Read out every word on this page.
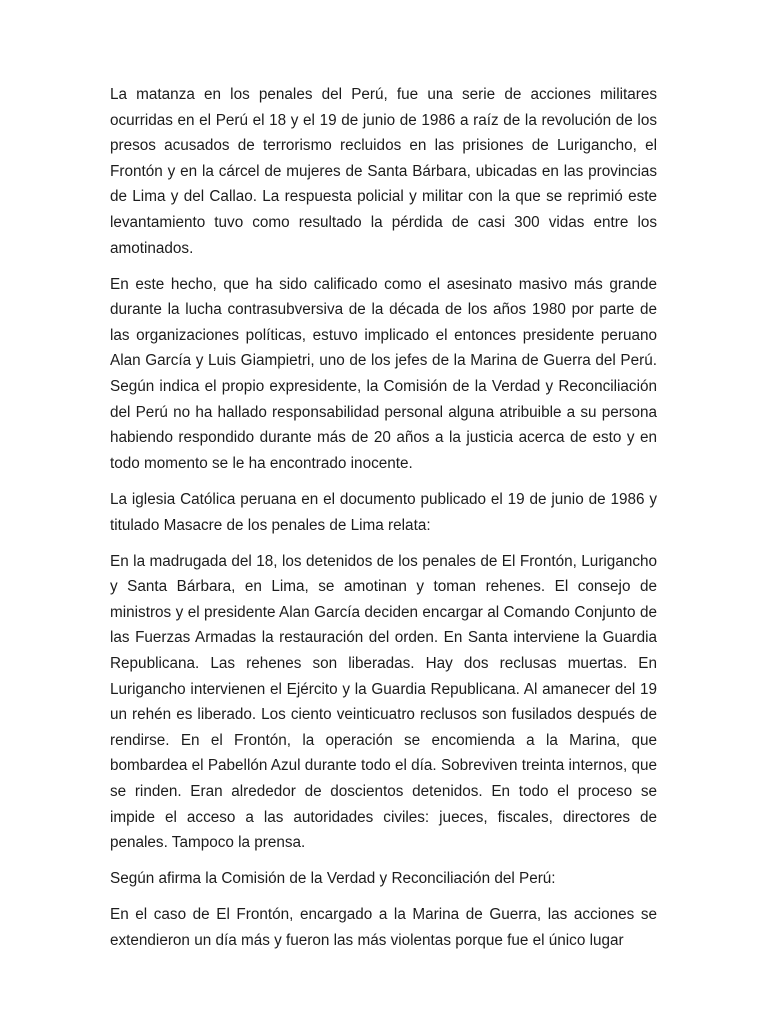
La matanza en los penales del Perú, fue una serie de acciones militares ocurridas en el Perú el 18 y el 19 de junio de 1986 a raíz de la revolución de los presos acusados de terrorismo recluidos en las prisiones de Lurigancho, el Frontón y en la cárcel de mujeres de Santa Bárbara, ubicadas en las provincias de Lima y del Callao. La respuesta policial y militar con la que se reprimió este levantamiento tuvo como resultado la pérdida de casi 300 vidas entre los amotinados.

En este hecho, que ha sido calificado como el asesinato masivo más grande durante la lucha contrasubversiva de la década de los años 1980 por parte de las organizaciones políticas, estuvo implicado el entonces presidente peruano Alan García y Luis Giampietri, uno de los jefes de la Marina de Guerra del Perú. Según indica el propio expresidente, la Comisión de la Verdad y Reconciliación del Perú no ha hallado responsabilidad personal alguna atribuible a su persona habiendo respondido durante más de 20 años a la justicia acerca de esto y en todo momento se le ha encontrado inocente.

La iglesia Católica peruana en el documento publicado el 19 de junio de 1986 y titulado Masacre de los penales de Lima relata:

En la madrugada del 18, los detenidos de los penales de El Frontón, Lurigancho y Santa Bárbara, en Lima, se amotinan y toman rehenes. El consejo de ministros y el presidente Alan García deciden encargar al Comando Conjunto de las Fuerzas Armadas la restauración del orden. En Santa interviene la Guardia Republicana. Las rehenes son liberadas. Hay dos reclusas muertas. En Lurigancho intervienen el Ejército y la Guardia Republicana. Al amanecer del 19 un rehén es liberado. Los ciento veinticuatro reclusos son fusilados después de rendirse. En el Frontón, la operación se encomienda a la Marina, que bombardea el Pabellón Azul durante todo el día. Sobreviven treinta internos, que se rinden. Eran alrededor de doscientos detenidos. En todo el proceso se impide el acceso a las autoridades civiles: jueces, fiscales, directores de penales. Tampoco la prensa.

Según afirma la Comisión de la Verdad y Reconciliación del Perú:

En el caso de El Frontón, encargado a la Marina de Guerra, las acciones se extendieron un día más y fueron las más violentas porque fue el único lugar
